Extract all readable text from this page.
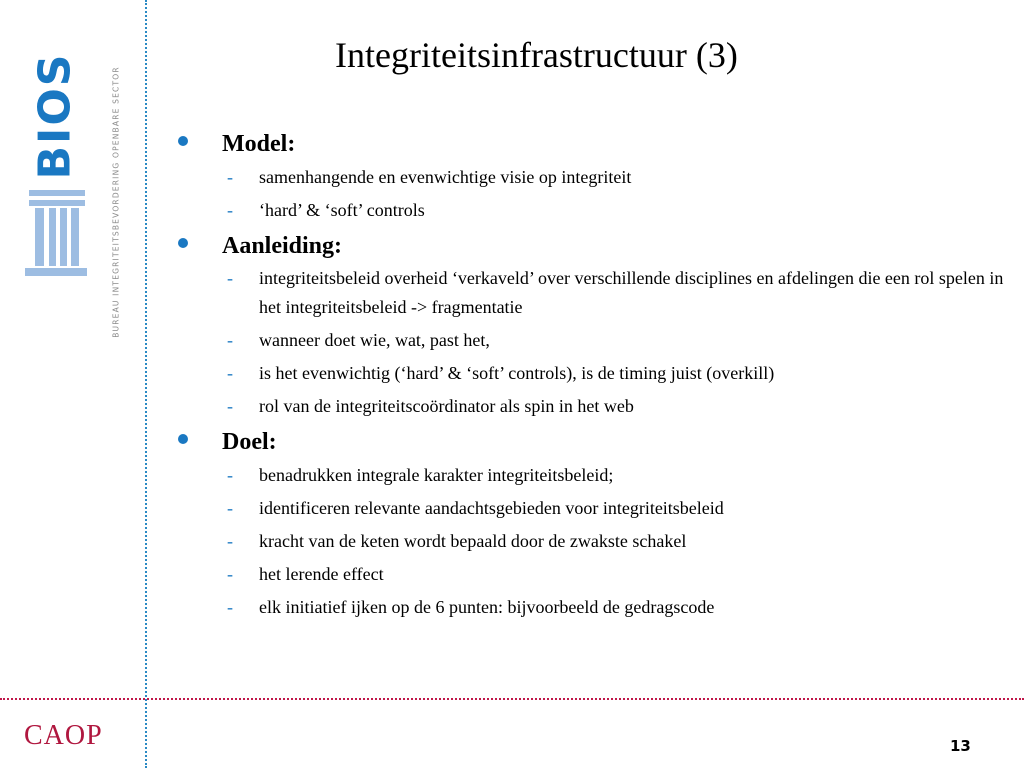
BIOS	BUREAU INTEGRITEITSBEVORDERING OPENBARE SECTOR
CAOP	13
Integriteitsinfrastructuur (3)
Model:
- samenhangende en evenwichtige visie op integriteit
- ‘hard’ & ‘soft’ controls
Aanleiding:
- integriteitsbeleid overheid ‘verkaveld’ over verschillende disciplines en afdelingen die een rol spelen in het integriteitsbeleid -> fragmentatie
- wanneer doet wie, wat, past het,
- is het evenwichtig (‘hard’ & ‘soft’ controls), is de timing juist (overkill)
- rol van de integriteitscoördinator als spin in het web
Doel:
- benadrukken integrale karakter integriteitsbeleid;
- identificeren relevante aandachtsgebieden voor integriteitsbeleid
- kracht van de keten wordt bepaald door de zwakste schakel
- het lerende effect
- elk initiatief ijken op de 6 punten: bijvoorbeeld de gedragscode
